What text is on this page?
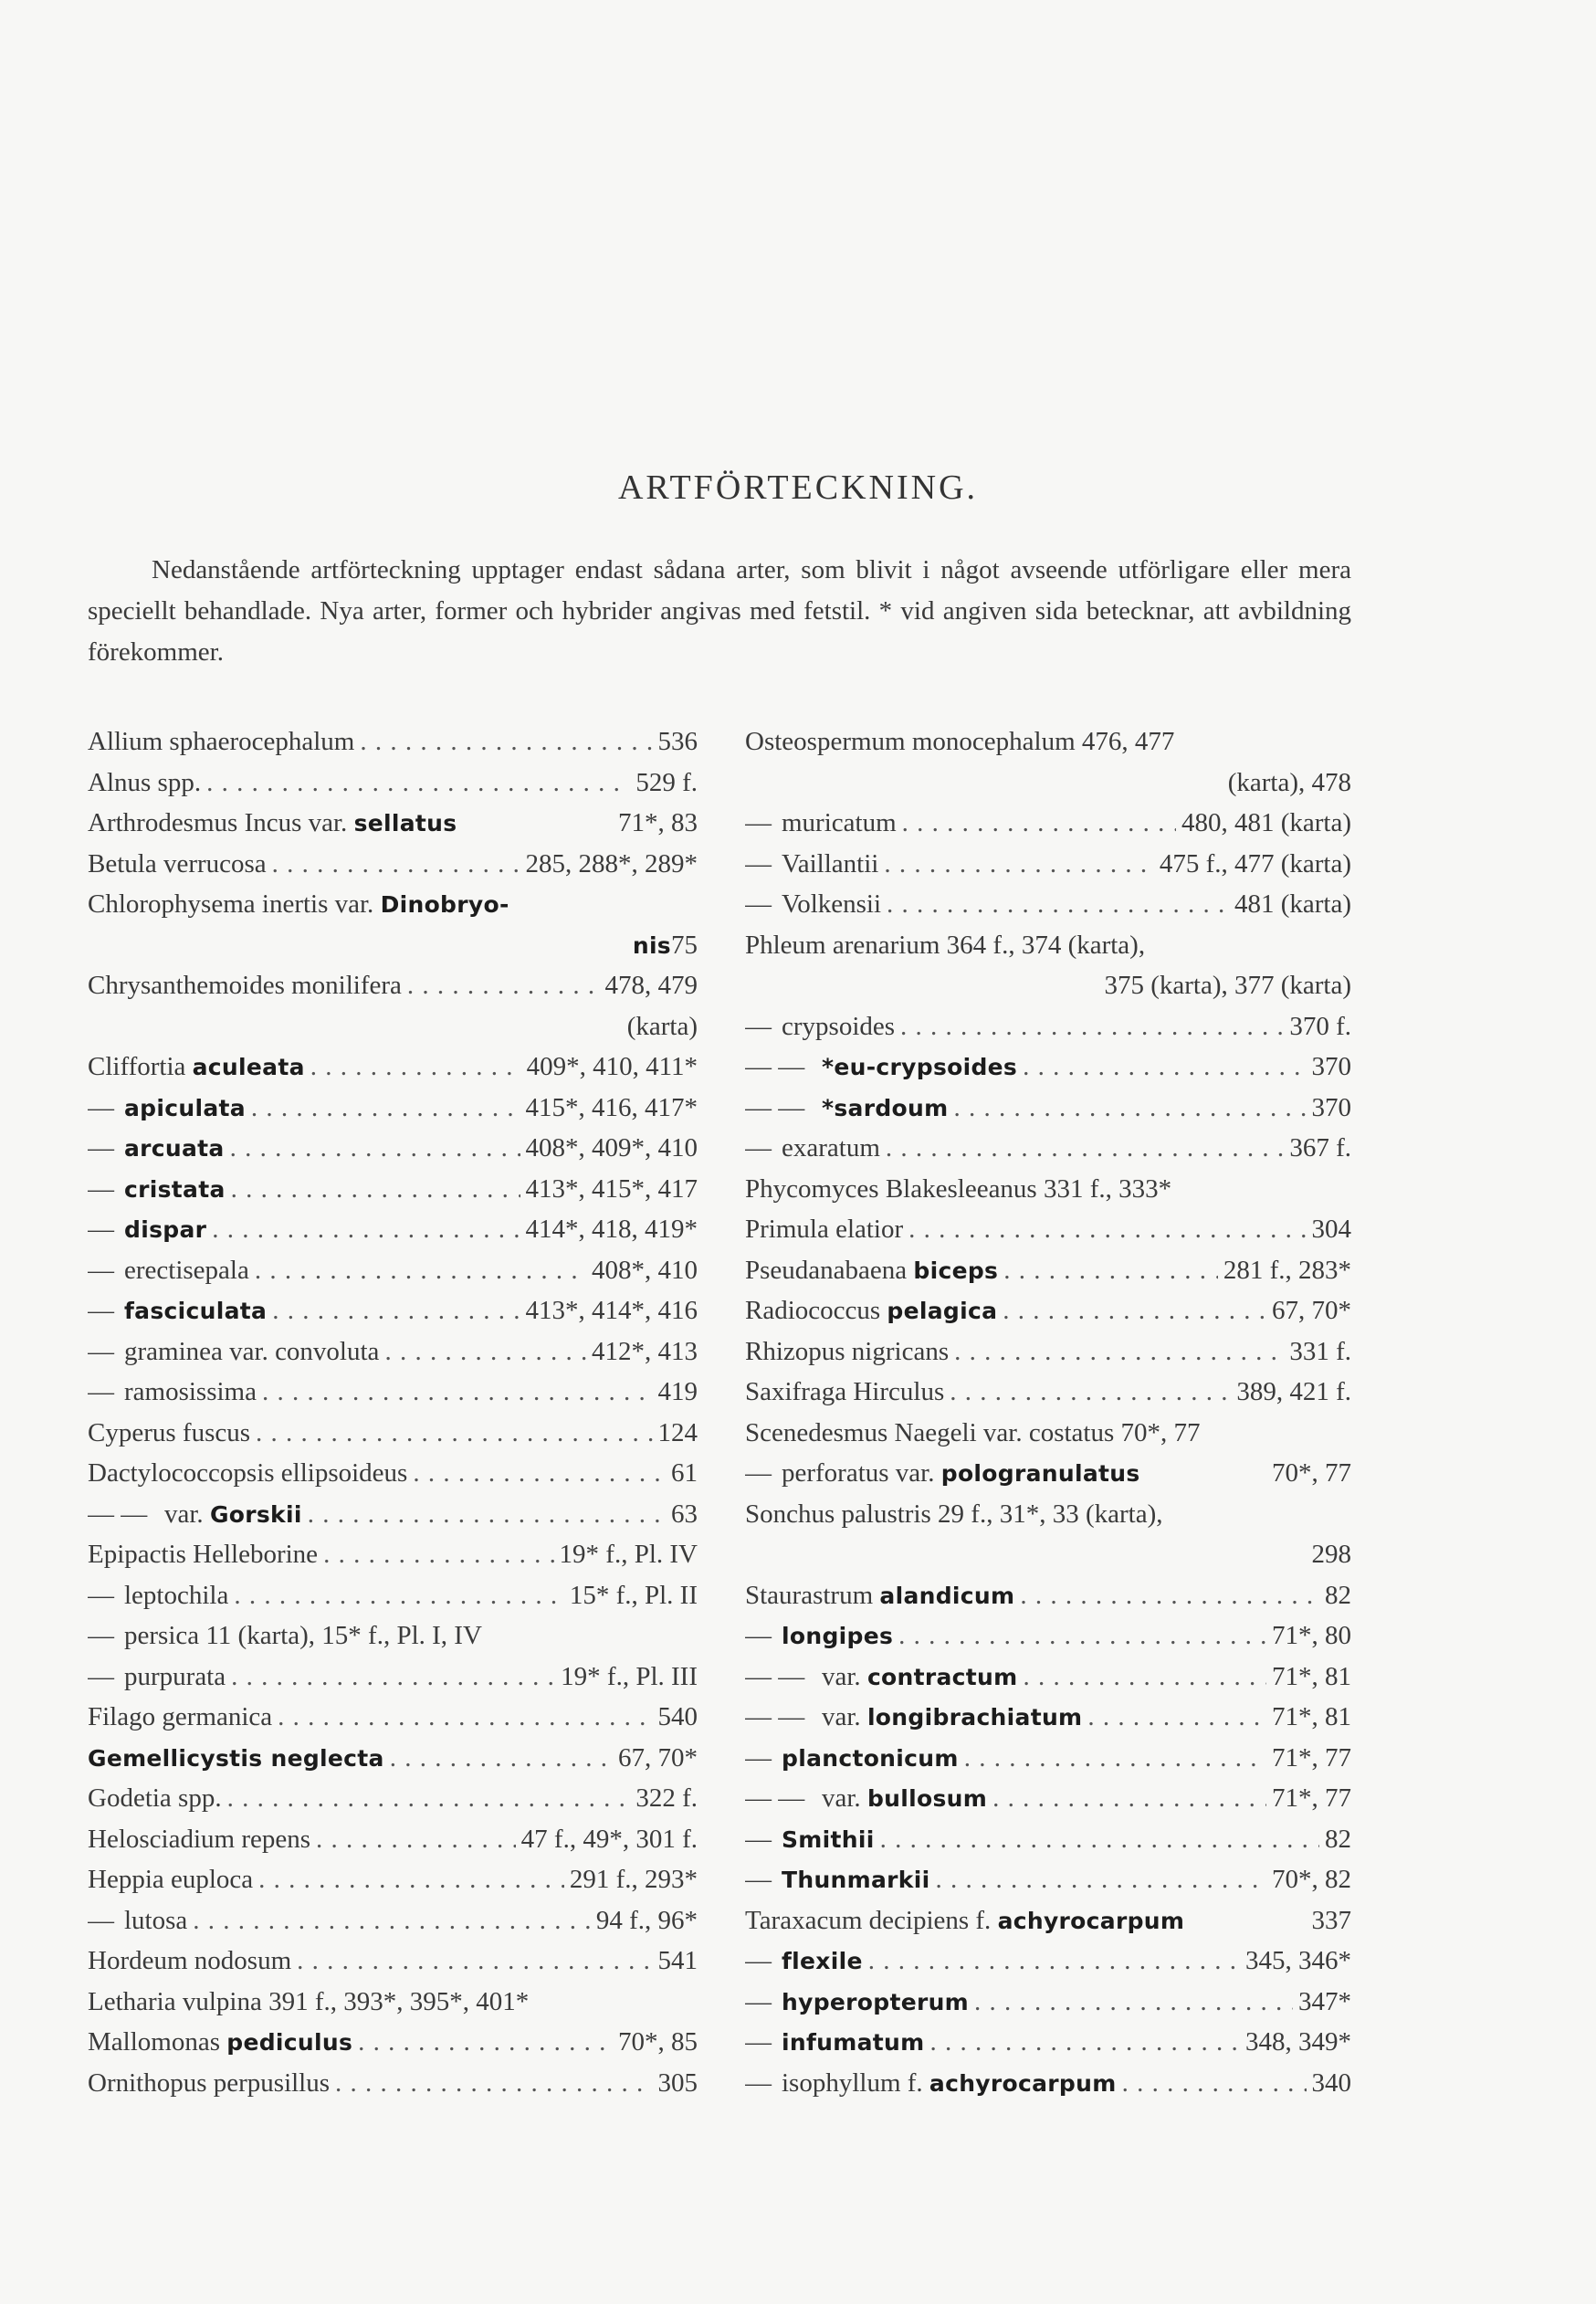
ARTFÖRTECKNING.

Nedanstående artförteckning upptager endast sådana arter, som blivit i något avseende utförligare eller mera speciellt behandlade. Nya arter, former och hybrider angivas med fetstil. * vid angiven sida betecknar, att avbildning förekommer.

Allium sphaerocephalum . . .	536
Alnus spp. . . .	529 f.
Arthrodesmus Incus var. sellatus	71*, 83
Betula verrucosa . . .	285, 288*, 289*
Chlorophysema inertis var. Dinobryo-
nis 75
Chrysanthemoides monilifera . . .	478, 479
(karta)
Cliffortia aculeata . . .	409*, 410, 411*
— apiculata . . .	415*, 416, 417*
— arcuata . . .	408*, 409*, 410
— cristata . . .	413*, 415*, 417
— dispar . . .	414*, 418, 419*
— erectisepala . . .	408*, 410
— fasciculata . . .	413*, 414*, 416
— graminea var. convoluta . . .	412*, 413
— ramosissima . . .	419
Cyperus fuscus . . .	124
Dactylococcopsis ellipsoideus . . .	61
— — var. Gorskii . . .	63
Epipactis Helleborine . . .	19* f., Pl. IV
— leptochila . . .	15* f., Pl. II
— persica 11 (karta), 15* f., Pl. I, IV
— purpurata . . .	19* f., Pl. III
Filago germanica . . .	540
Gemellicystis neglecta . . .	67, 70*
Godetia spp. . . .	322 f.
Helosciadium repens . . .	47 f., 49*, 301 f.
Heppia euploca . . .	291 f., 293*
— lutosa . . .	94 f., 96*
Hordeum nodosum . . .	541
Letharia vulpina 391 f., 393*, 395*, 401*
Mallomonas pediculus . . .	70*, 85
Ornithopus perpusillus . . .	305
Osteospermum monocephalum 476, 477
(karta), 478
— muricatum . . .	480, 481 (karta)
— Vaillantii . . .	475 f., 477 (karta)
— Volkensii . . .	481 (karta)
Phleum arenarium 364 f., 374 (karta),
375 (karta), 377 (karta)
— crypsoides . . .	370 f.
— — *eu-crypsoides . . .	370
— — *sardoum . . .	370
— exaratum . . .	367 f.
Phycomyces Blakesleeanus 331 f., 333*
Primula elatior . . .	304
Pseudanabaena biceps . . .	281 f., 283*
Radiococcus pelagica . . .	67, 70*
Rhizopus nigricans . . .	331 f.
Saxifraga Hirculus . . .	389, 421 f.
Scenedesmus Naegeli var. costatus 70*, 77
— perforatus var. pologranulatus	70*, 77
Sonchus palustris 29 f., 31*, 33 (karta),
298
Staurastrum alandicum . . .	82
— longipes . . .	71*, 80
— — var. contractum . . .	71*, 81
— — var. longibrachiatum . . .	71*, 81
— planctonicum . . .	71*, 77
— — var. bullosum . . .	71*, 77
— Smithii . . .	82
— Thunmarkii . . .	70*, 82
Taraxacum decipiens f. achyrocarpum	337
— flexile . . .	345, 346*
— hyperopterum . . .	347*
— infumatum . . .	348, 349*
— isophyllum f. achyrocarpum . . .	340
